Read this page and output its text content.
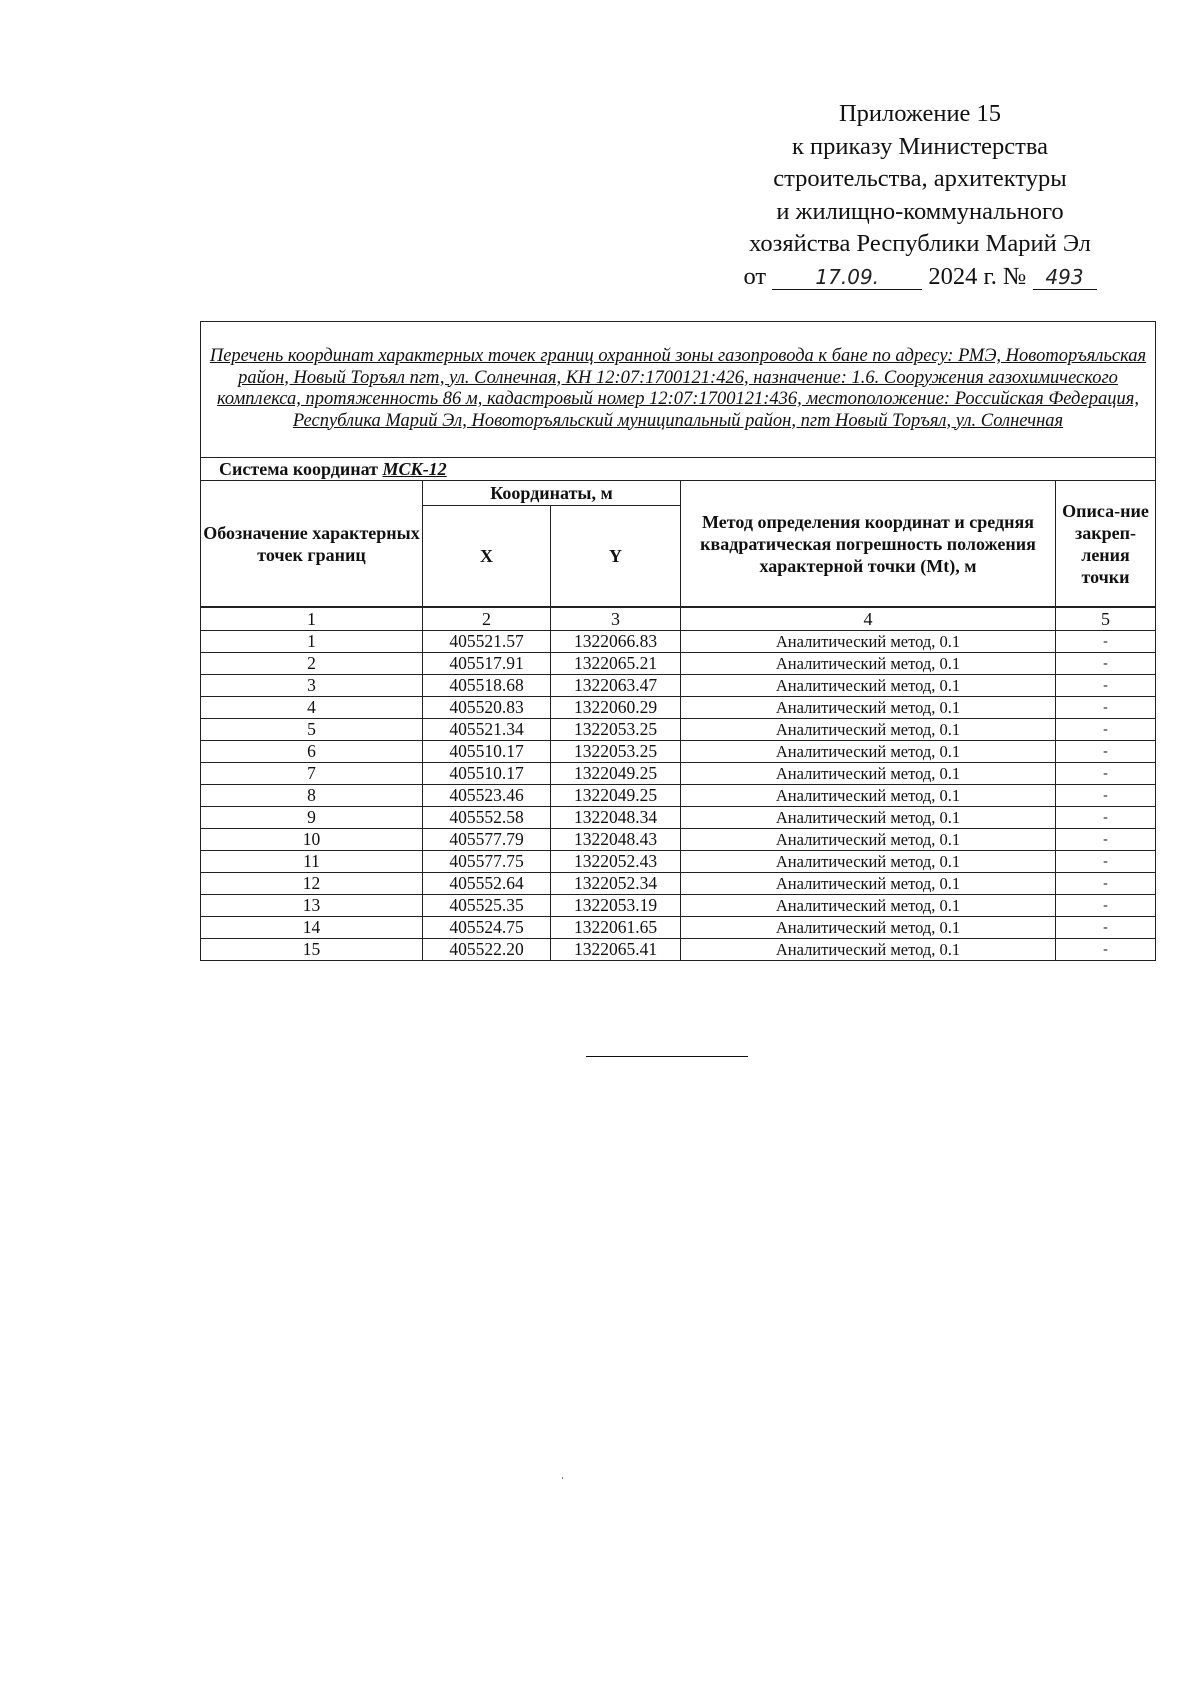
Приложение 15
к приказу Министерства
строительства, архитектуры
и жилищно-коммунального
хозяйства Республики Марий Эл
от 17.09. 2024 г. № 493
Перечень координат характерных точек границ охранной зоны газопровода к бане по адресу: РМЭ, Новоторъяльская район, Новый Торъял пгт, ул. Солнечная, КН 12:07:1700121:426, назначение: 1.6. Сооружения газохимического комплекса, протяженность 86 м, кадастровый номер 12:07:1700121:436, местоположение: Российская Федерация, Республика Марий Эл, Новоторъяльский муниципальный район, пгт Новый Торъял, ул. Солнечная				
Система координат МСК-12				
Обозначение характерных точек границ	Координаты, м		Метод определения координат и средняя квадратическая погрешность положения характерной точки (Mt), м	Описа-ние закреп-ления точки
	X	Y		
1	2	3	4	5
1	405521.57	1322066.83	Аналитический метод, 0.1	-
2	405517.91	1322065.21	Аналитический метод, 0.1	-
3	405518.68	1322063.47	Аналитический метод, 0.1	-
4	405520.83	1322060.29	Аналитический метод, 0.1	-
5	405521.34	1322053.25	Аналитический метод, 0.1	-
6	405510.17	1322053.25	Аналитический метод, 0.1	-
7	405510.17	1322049.25	Аналитический метод, 0.1	-
8	405523.46	1322049.25	Аналитический метод, 0.1	-
9	405552.58	1322048.34	Аналитический метод, 0.1	-
10	405577.79	1322048.43	Аналитический метод, 0.1	-
11	405577.75	1322052.43	Аналитический метод, 0.1	-
12	405552.64	1322052.34	Аналитический метод, 0.1	-
13	405525.35	1322053.19	Аналитический метод, 0.1	-
14	405524.75	1322061.65	Аналитический метод, 0.1	-
15	405522.20	1322065.41	Аналитический метод, 0.1	-
